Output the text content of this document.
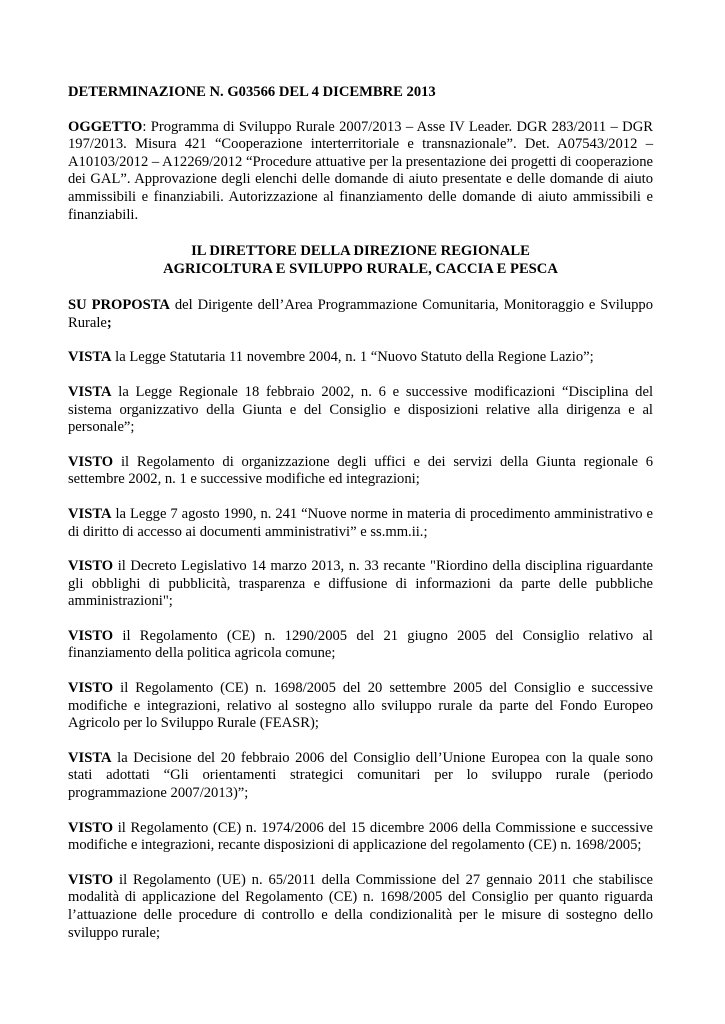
DETERMINAZIONE N. G03566 DEL 4 DICEMBRE 2013

OGGETTO: Programma di Sviluppo Rurale 2007/2013 – Asse IV Leader. DGR 283/2011 – DGR 197/2013. Misura 421 “Cooperazione interterritoriale e transnazionale”. Det. A07543/2012 – A10103/2012 – A12269/2012 “Procedure attuative per la presentazione dei progetti di cooperazione dei GAL”. Approvazione degli elenchi delle domande di aiuto presentate e delle domande di aiuto ammissibili e finanziabili. Autorizzazione al finanziamento delle domande di aiuto ammissibili e finanziabili.

IL DIRETTORE DELLA DIREZIONE REGIONALE
AGRICOLTURA E SVILUPPO RURALE, CACCIA E PESCA

SU PROPOSTA del Dirigente dell’Area Programmazione Comunitaria, Monitoraggio e Sviluppo Rurale;

VISTA la Legge Statutaria 11 novembre 2004, n. 1 “Nuovo Statuto della Regione Lazio”;

VISTA la Legge Regionale 18 febbraio 2002, n. 6 e successive modificazioni “Disciplina del sistema organizzativo della Giunta e del Consiglio e disposizioni relative alla dirigenza e al personale”;

VISTO il Regolamento di organizzazione degli uffici e dei servizi della Giunta regionale 6 settembre 2002, n. 1 e successive modifiche ed integrazioni;

VISTA la Legge 7 agosto 1990, n. 241 “Nuove norme in materia di procedimento amministrativo e di diritto di accesso ai documenti amministrativi” e ss.mm.ii.;

VISTO il Decreto Legislativo 14 marzo 2013, n. 33 recante "Riordino della disciplina riguardante gli obblighi di pubblicità, trasparenza e diffusione di informazioni da parte delle pubbliche amministrazioni";

VISTO il Regolamento (CE) n. 1290/2005 del 21 giugno 2005 del Consiglio relativo al finanziamento della politica agricola comune;

VISTO il Regolamento (CE) n. 1698/2005 del 20 settembre 2005 del Consiglio e successive modifiche e integrazioni, relativo al sostegno allo sviluppo rurale da parte del Fondo Europeo Agricolo per lo Sviluppo Rurale (FEASR);

VISTA la Decisione del 20 febbraio 2006 del Consiglio dell’Unione Europea con la quale sono stati adottati “Gli orientamenti strategici comunitari per lo sviluppo rurale (periodo programmazione 2007/2013)”;

VISTO il Regolamento (CE) n. 1974/2006 del 15 dicembre 2006 della Commissione e successive modifiche e integrazioni, recante disposizioni di applicazione del regolamento (CE) n. 1698/2005;

VISTO il Regolamento (UE) n. 65/2011 della Commissione del 27 gennaio 2011 che stabilisce modalità di applicazione del Regolamento (CE) n. 1698/2005 del Consiglio per quanto riguarda l’attuazione delle procedure di controllo e della condizionalità per le misure di sostegno dello sviluppo rurale;
